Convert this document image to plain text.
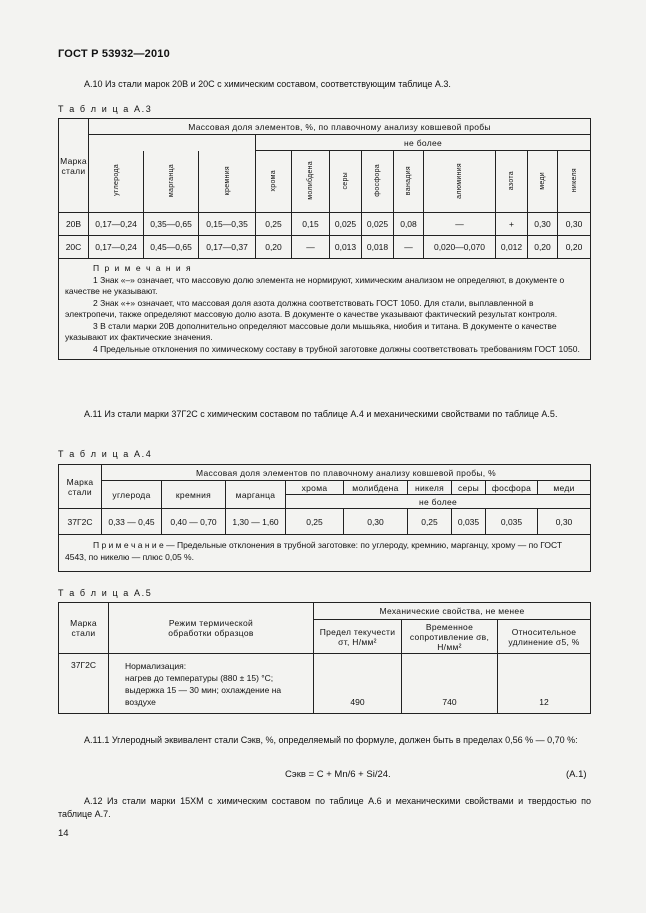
ГОСТ Р 53932—2010
А.10 Из стали марок 20В и 20С с химическим составом, соответствующим таблице А.3.
Т а б л и ц а А.3
Марка стали	Массовая доля элементов, %, по плавочному анализу ковшевой пробы											
				не более								
	углерода	марганца	кремния	хрома	молибдена	серы	фосфора	ванадия	алюминия	азота	меди	никеля
20В	0,17—0,24	0,35—0,65	0,15—0,35	0,25	0,15	0,025	0,025	0,08	—	+	0,30	0,30
20С	0,17—0,24	0,45—0,65	0,17—0,37	0,20	—	0,013	0,018	—	0,020—0,070	0,012	0,20	0,20

П р и м е ч а н и я

1 Знак «–» означает, что массовую долю элемента не нормируют, химическим анализом не определяют, в документе о качестве не указывают.

2 Знак «+» означает, что массовая доля азота должна соответствовать ГОСТ 1050. Для стали, выплавленной в электропечи, также определяют массовую долю азота. В документе о качестве указывают фактический результат контроля.

3 В стали марки 20В дополнительно определяют массовые доли мышьяка, ниобия и титана. В документе о качестве указывают их фактические значения.

4 Предельные отклонения по химическому составу в трубной заготовке должны соответствовать требованиям ГОСТ 1050.												

А.11 Из стали марки 37Г2С с химическим составом по таблице А.4 и механическими свойствами по таблице А.5.
Т а б л и ц а А.4
Марка стали	Массовая доля элементов по плавочному анализу ковшевой пробы, %								
	углерода	кремния	марганца	хрома	молибдена	никеля	серы	фосфора	меди
				не более					
37Г2С	0,33 — 0,45	0,40 — 0,70	1,30 — 1,60	0,25	0,30	0,25	0,035	0,035	0,30

П р и м е ч а н и е — Предельные отклонения в трубной заготовке: по углероду, кремнию, марганцу, хрому — по ГОСТ 4543, по никелю — плюс 0,05 %.									

Т а б л и ц а А.5
Марка стали	Режим термической обработки образцов	Механические свойства, не менее		
		Предел текучести σт, Н/мм²	Временное сопротивление σв, Н/мм²	Относительное удлинение σ5, %
37Г2С	Нормализация:
нагрев до температуры (880 ± 15) °С;
выдержка 15 — 30 мин; охлаждение на воздухе	490	740	12
А.11.1 Углеродный эквивалент стали Сэкв, %, определяемый по формуле, должен быть в пределах 0,56 % — 0,70 %:
Сэкв = С + Mn/6 + Si/24.	(А.1)
А.12 Из стали марки 15ХМ с химическим составом по таблице А.6 и механическими свойствами и твердостью по таблице А.7.
14
